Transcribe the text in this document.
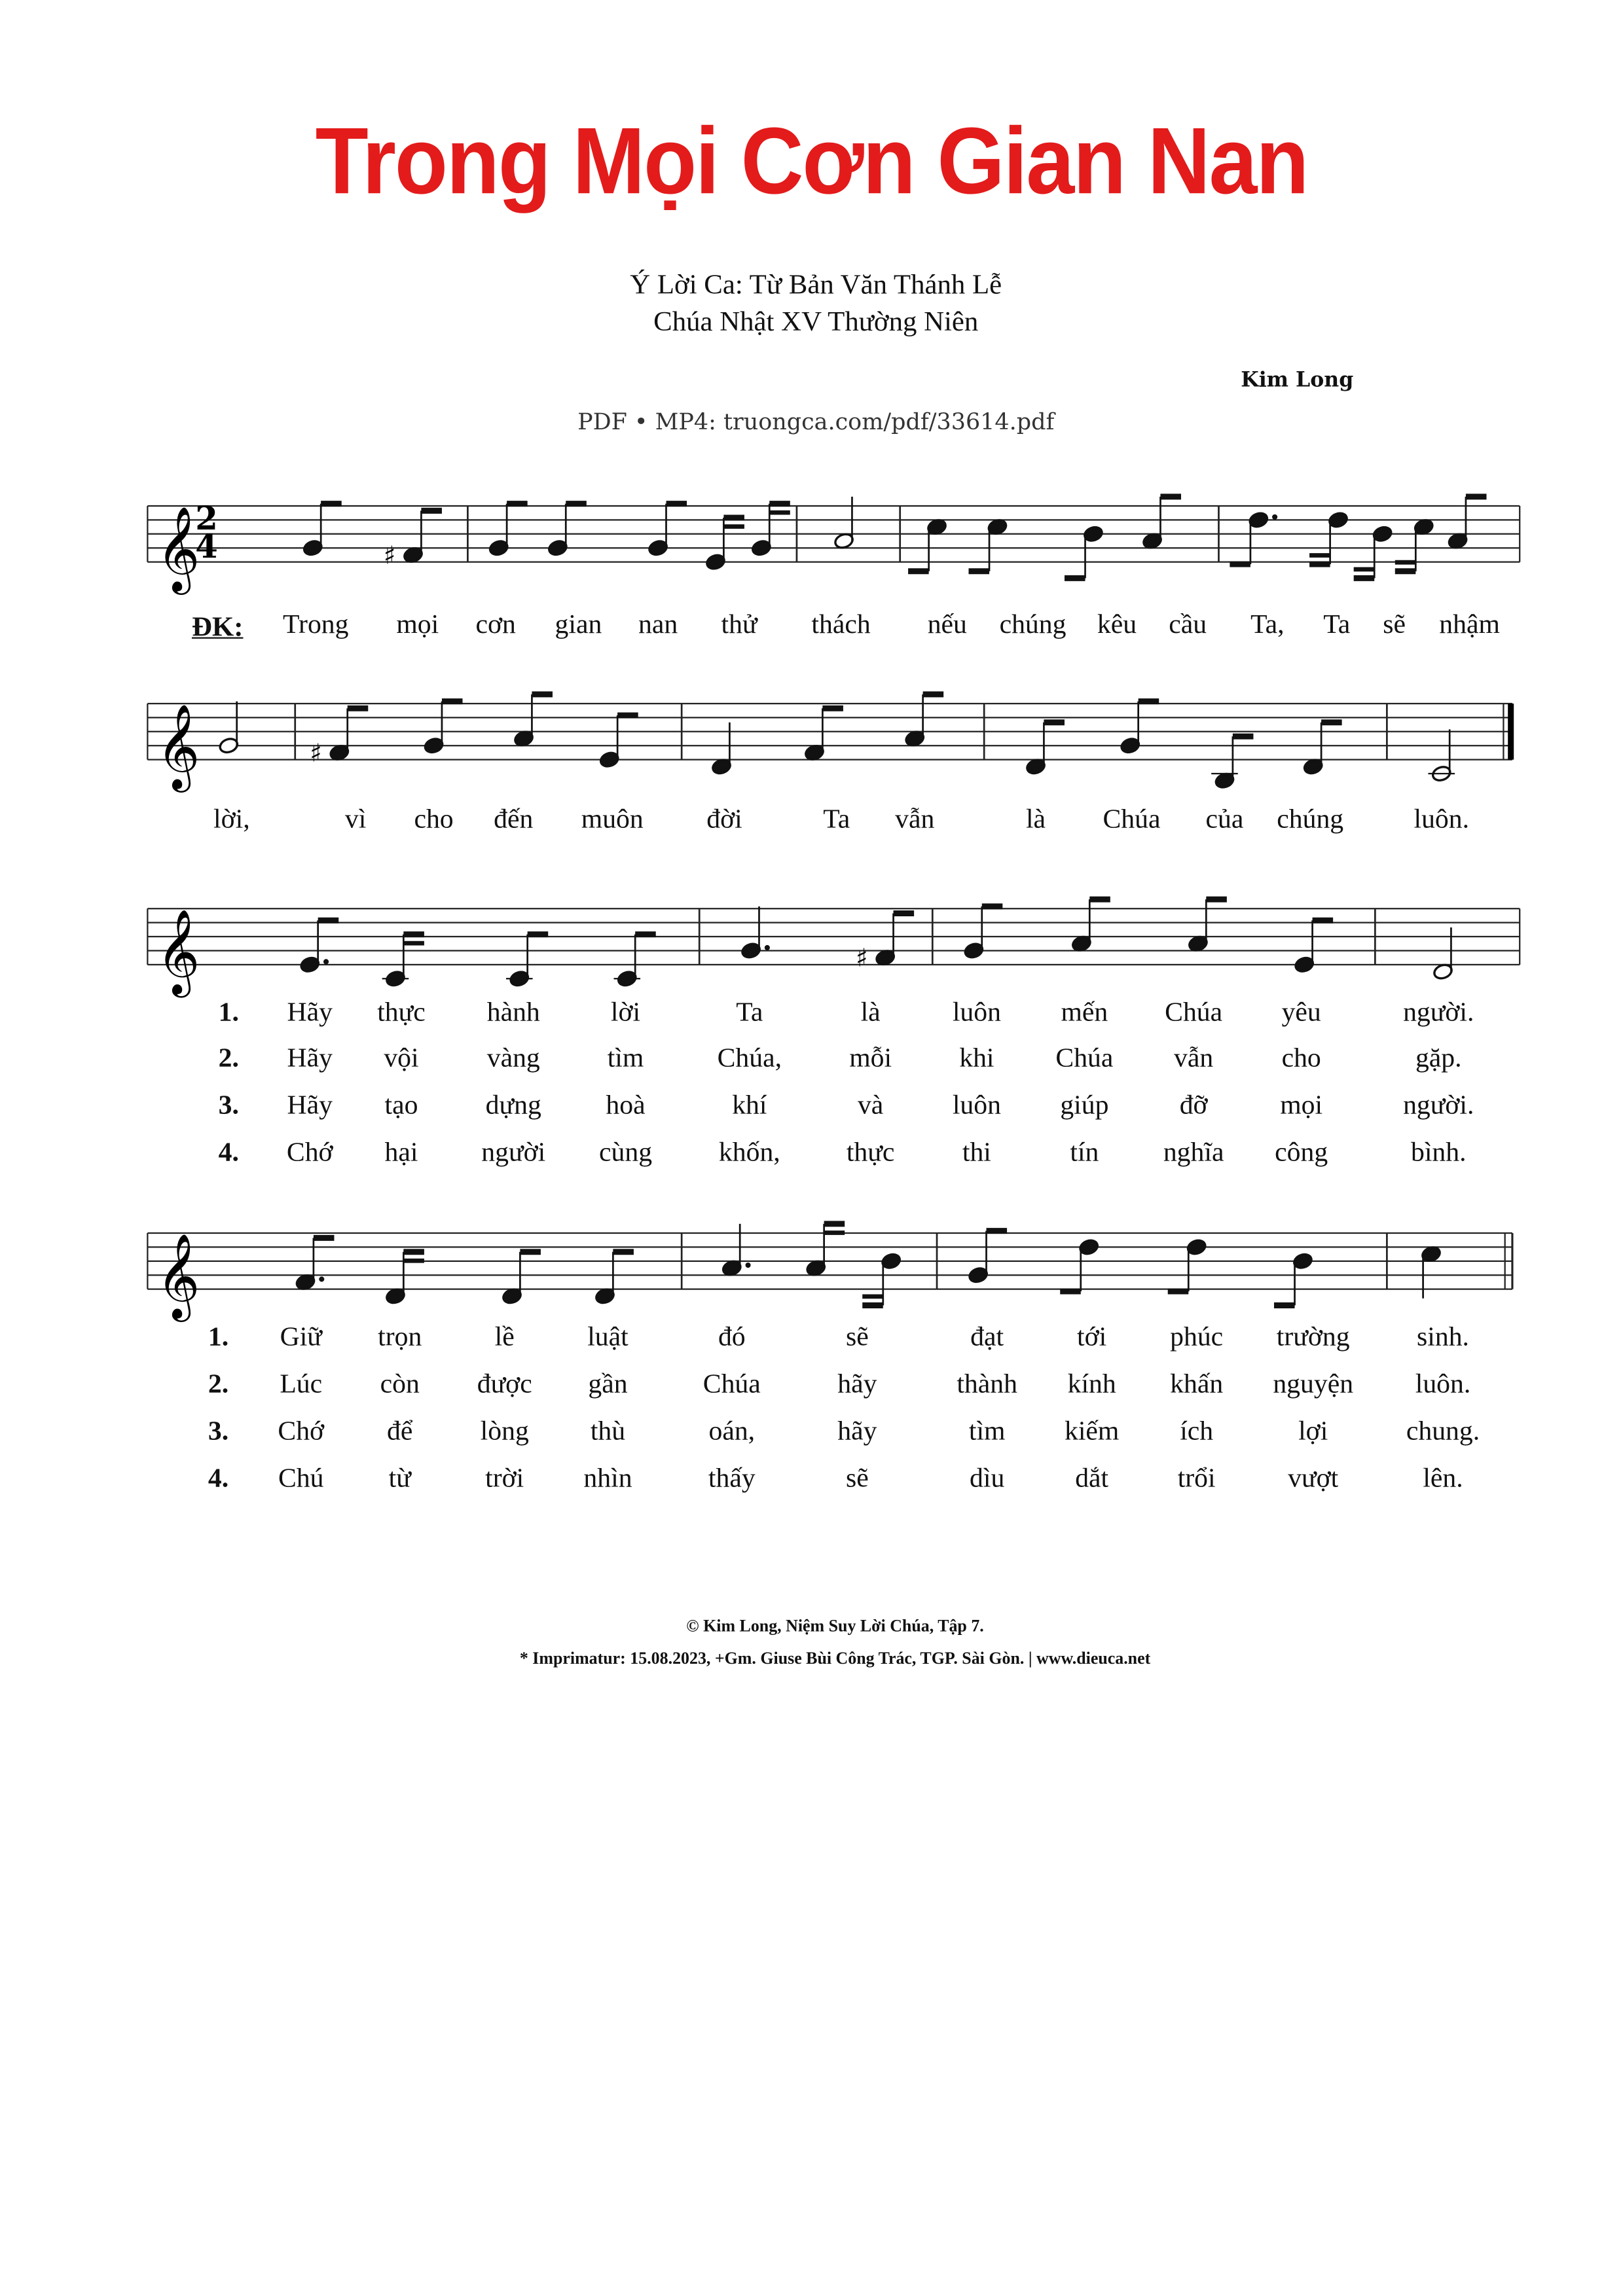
Trong Mọi Cơn Gian Nan
Ý Lời Ca: Từ Bản Văn Thánh Lễ
Chúa Nhật XV Thường Niên
Kim Long
PDF • MP4: truongca.com/pdf/33614.pdf
𝄞
2
4	♯
𝄞	♯
𝄞	♯
𝄞
ĐK:	Trong	mọi	cơn	gian	nan	thử	thách	nếu	chúng	kêu	cầu	Ta,	Ta	sẽ	nhậm
lời,	vì	cho	đến	muôn	đời	Ta	vẫn	là	Chúa	của	chúng	luôn.
1.	Hãy	thực	hành	lời	Ta	là	luôn	mến	Chúa	yêu	người.
2.	Hãy	vội	vàng	tìm	Chúa,	mỗi	khi	Chúa	vẫn	cho	gặp.
3.	Hãy	tạo	dựng	hoà	khí	và	luôn	giúp	đỡ	mọi	người.
4.	Chớ	hại	người	cùng	khốn,	thực	thi	tín	nghĩa	công	bình.
1.	Giữ	trọn	lề	luật	đó	sẽ	đạt	tới	phúc	trường	sinh.
2.	Lúc	còn	được	gần	Chúa	hãy	thành	kính	khấn	nguyện	luôn.
3.	Chớ	để	lòng	thù	oán,	hãy	tìm	kiếm	ích	lợi	chung.
4.	Chú	từ	trời	nhìn	thấy	sẽ	dìu	dắt	trổi	vượt	lên.
© Kim Long, Niệm Suy Lời Chúa, Tập 7.
* Imprimatur: 15.08.2023, +Gm. Giuse Bùi Công Trác, TGP. Sài Gòn. | www.dieuca.net
